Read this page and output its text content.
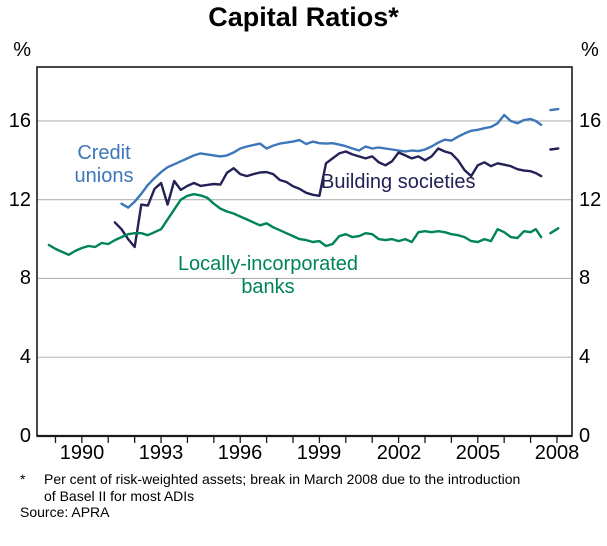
Capital Ratios*
%	%
0	0
4	4
8	8
12	12
16	16
1990	1993	1996	1999	2002	2005	2008
Credit
unions	Building societies
Locally-incorporated
banks
*	Per cent of risk-weighted assets; break in March 2008 due to the introduction
of Basel II for most ADIs
Source: APRA
